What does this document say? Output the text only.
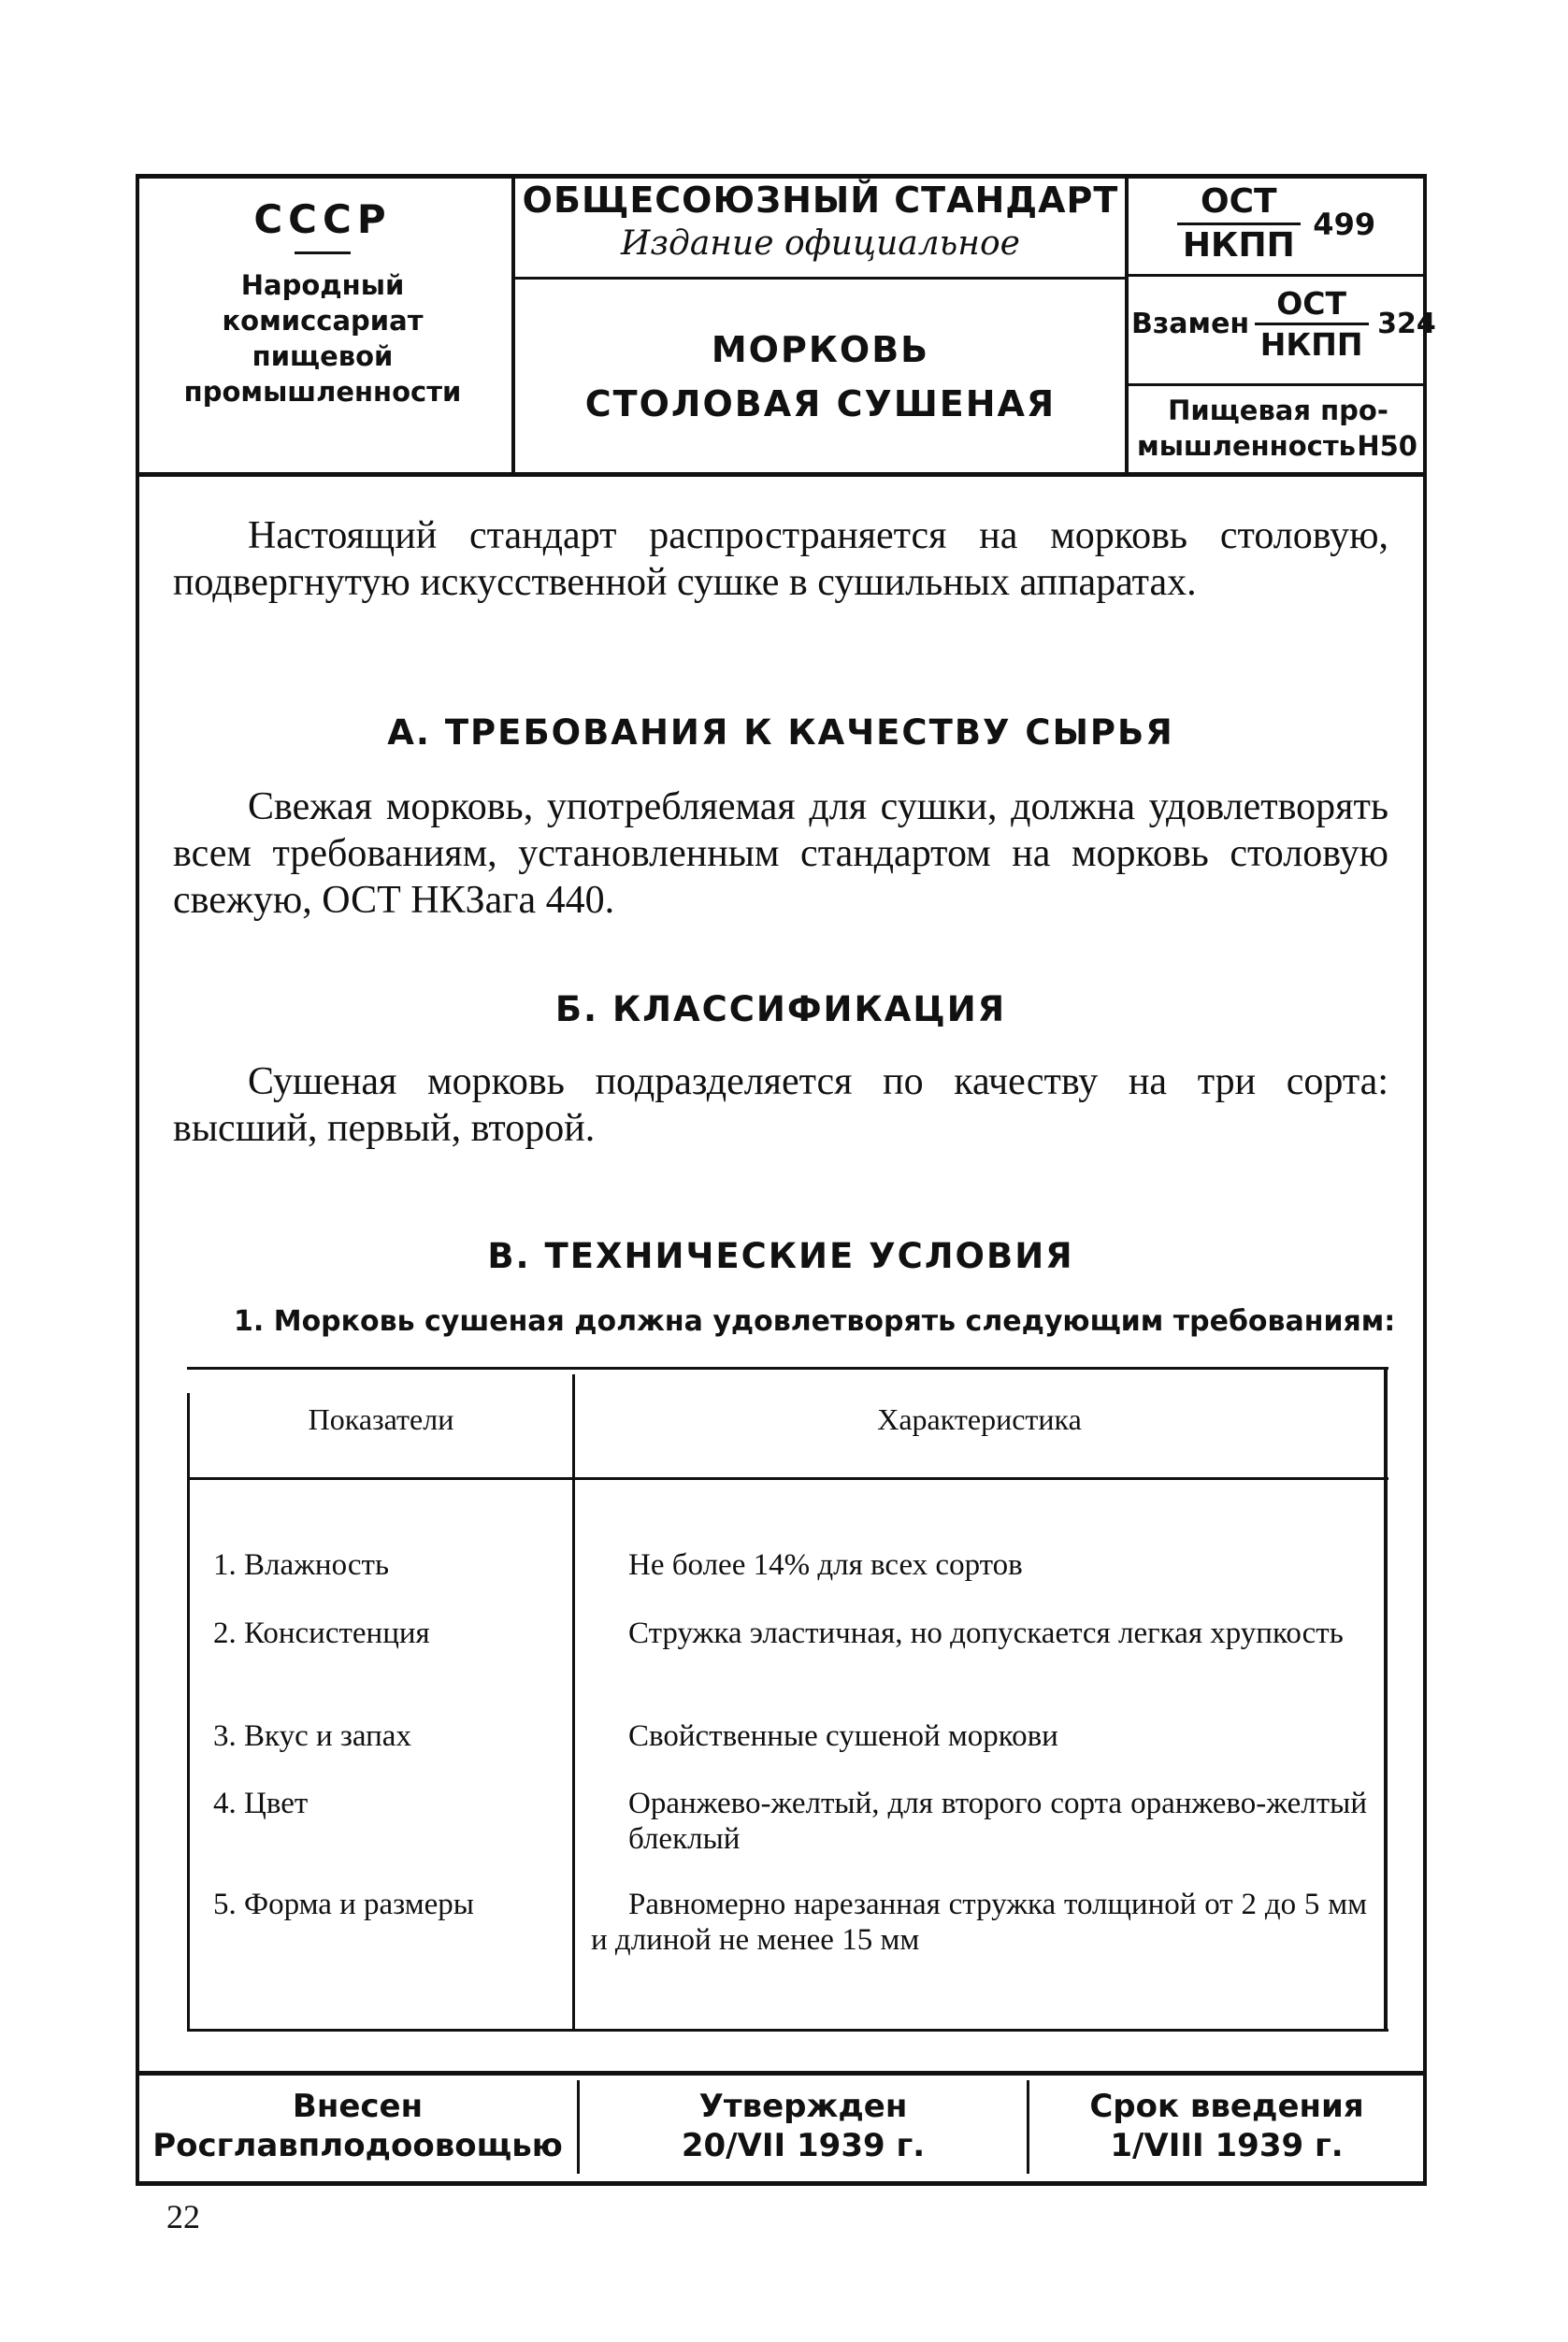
СССР
Народный
комиссариат
пищевой
промышленности
ОБЩЕСОЮЗНЫЙ СТАНДАРТ
Издание официальное
МОРКОВЬ
СТОЛОВАЯ СУШЕНАЯ
$\frac{\text{ОСТ}}{\text{НКПП}} 499$
Взамен $\frac{\text{ОСТ}}{\text{НКПП}} 324$
Пищевая про-
мышленность Н50
Настоящий стандарт распространяется на морковь столовую, подвергнутую искусственной сушке в сушильных аппаратах.
А. ТРЕБОВАНИЯ К КАЧЕСТВУ СЫРЬЯ
Свежая морковь, употребляемая для сушки, должна удовлетворять всем требованиям, установленным стандартом на морковь столовую свежую, ОСТ НКЗага 440.
Б. КЛАССИФИКАЦИЯ
Сушеная морковь подразделяется по качеству на три сорта: высший, первый, второй.
В. ТЕХНИЧЕСКИЕ УСЛОВИЯ
1. Морковь сушеная должна удовлетворять следующим требованиям:
Показатели	Характеристика
1. Влажность	Не более 14% для всех сортов
2. Консистенция	Стружка эластичная, но допускается легкая хрупкость
3. Вкус и запах	Свойственные сушеной моркови
4. Цвет	Оранжево-желтый, для второго сорта оранжево-желтый блеклый
5. Форма и размеры	Равномерно нарезанная стружка толщиной от 2 до 5 мм и длиной не менее 15 мм
Внесен
Росглавплодоовощью
Утвержден
20/VII 1939 г.
Срок введения
1/VIII 1939 г.
22
